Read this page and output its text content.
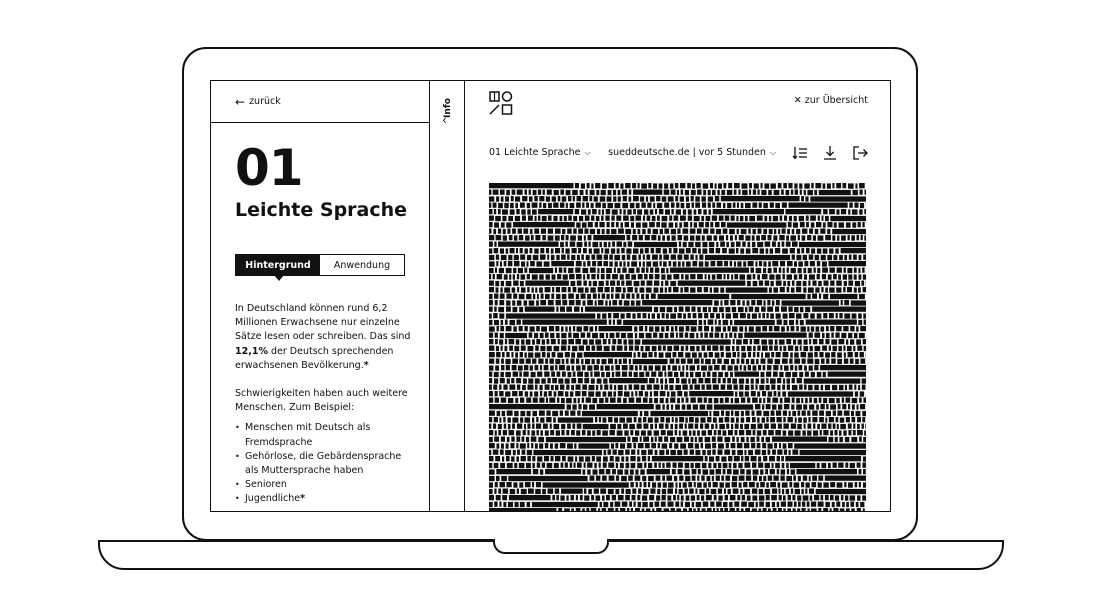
← zurück
01
Leichte Sprache
Hintergrund	Anwendung

In Deutschland können rund 6,2 Millionen Erwachsene nur einzelne Sätze lesen oder schreiben. Das sind 12,1% der Deutsch sprechenden erwachsenen Bevölkerung.*

Schwierigkeiten haben auch weitere Menschen. Zum Beispiel:

• Menschen mit Deutsch als Fremdsprache
• Gehörlose, die Gebärdensprache als Muttersprache haben
• Senioren
• Jugendliche*
Info
‹
✕ zur Übersicht
01 Leichte Sprache ⌵ sueddeutsche.de | vor 5 Stunden ⌵
